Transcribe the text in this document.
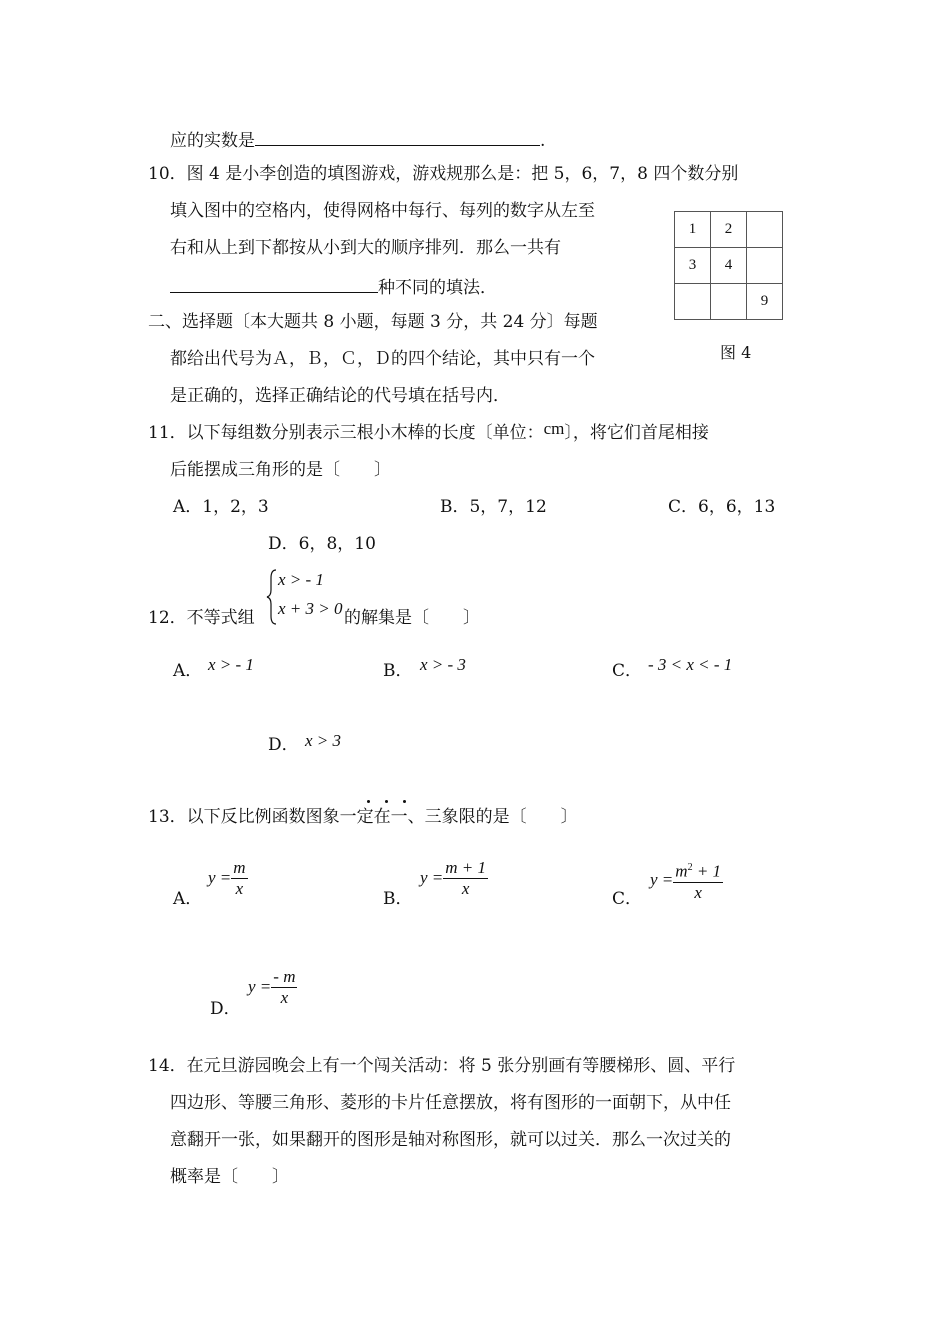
应的实数是	.
10．图 4 是小李创造的填图游戏，游戏规那么是：把 5，6，7，8 四个数分别
填入图中的空格内，使得网格中每行、每列的数字从左至
右和从上到下都按从小到大的顺序排列．那么一共有
种不同的填法．
1	2	
3	4	
		9
图 4
二、选择题〔本大题共 8 小题，每题 3 分，共 24 分〕每题
都给出代号为Ａ，Ｂ，Ｃ，Ｄ的四个结论，其中只有一个
是正确的，选择正确结论的代号填在括号内．
11．以下每组数分别表示三根小木棒的长度〔单位：cm〕，将它们首尾相接
后能摆成三角形的是〔　　〕
A．1，2，3	B．5，7，12	C．6，6，13
D．6，8，10
12．不等式组
x > - 1
x + 3 > 0 的解集是〔　　〕
A． x > - 1	B． x > - 3	C． - 3 < x < - 1
D． x > 3
13．以下反比例函数图象一定在一、三象限的是〔　　〕
A．
$y = \frac{m}{x}$	B．
$y = \frac{m + 1}{x}$	C．
$y = \frac{m^2 + 1}{x}$
D．
$y = \frac{- m}{x}$
14．在元旦游园晚会上有一个闯关活动：将 5 张分别画有等腰梯形、圆、平行
四边形、等腰三角形、菱形的卡片任意摆放，将有图形的一面朝下，从中任
意翻开一张，如果翻开的图形是轴对称图形，就可以过关．那么一次过关的
概率是〔　　〕
